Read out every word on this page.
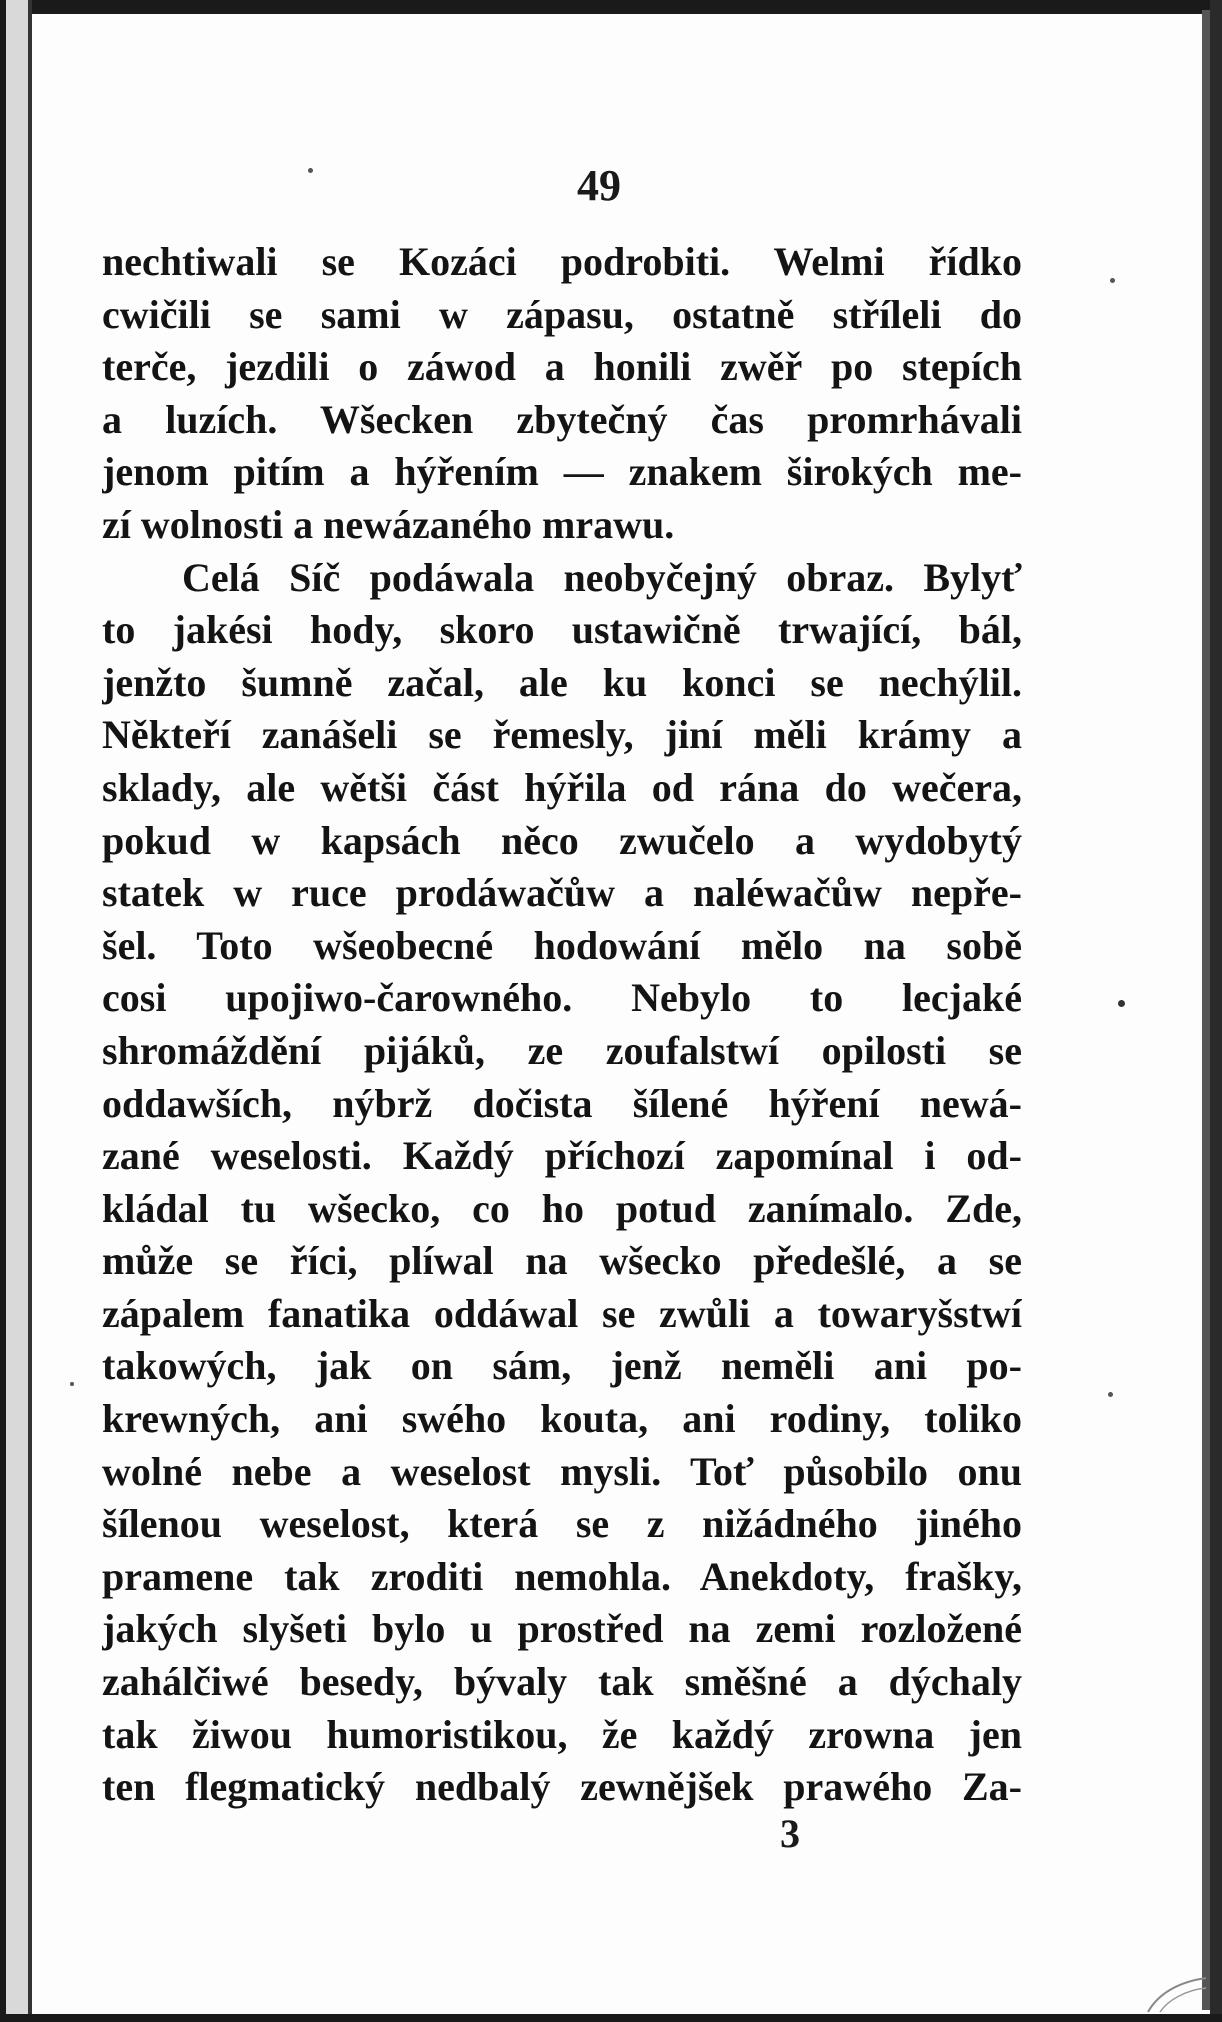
49
nechtiwali se Kozáci podrobiti. Welmi řídko
cwičili se sami w zápasu, ostatně stříleli do
terče, jezdili o záwod a honili zwěř po stepích
a luzích. Wšecken zbytečný čas promrhávali
jenom pitím a hýřením — znakem širokých me-
zí wolnosti a newázaného mrawu.
Celá Síč podáwala neobyčejný obraz. Bylyť
to jakési hody, skoro ustawičně trwající, bál,
jenžto šumně začal, ale ku konci se nechýlil.
Někteří zanášeli se řemesly, jiní měli krámy a
sklady, ale wětši část hýřila od rána do wečera,
pokud w kapsách něco zwučelo a wydobytý
statek w ruce prodáwačůw a naléwačůw nepře-
šel. Toto wšeobecné hodowání mělo na sobě
cosi upojiwo-čarowného. Nebylo to lecjaké
shromáždění pijáků, ze zoufalstwí opilosti se
oddawších, nýbrž dočista šílené hýření newá-
zané weselosti. Každý příchozí zapomínal i od-
kládal tu wšecko, co ho potud zanímalo. Zde,
může se říci, plíwal na wšecko předešlé, a se
zápalem fanatika oddáwal se zwůli a towaryšstwí
takowých, jak on sám, jenž neměli ani po-
krewných, ani swého kouta, ani rodiny, toliko
wolné nebe a weselost mysli. Toť působilo onu
šílenou weselost, která se z nižádného jiného
pramene tak zroditi nemohla. Anekdoty, frašky,
jakých slyšeti bylo u prostřed na zemi rozložené
zahálčiwé besedy, bývaly tak směšné a dýchaly
tak žiwou humoristikou, že každý zrowna jen
ten flegmatický nedbalý zewnějšek prawého Za-
3
